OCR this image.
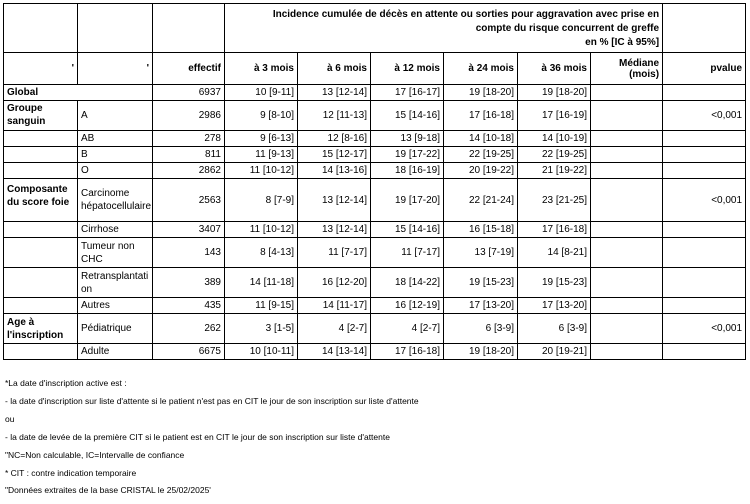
			Incidence cumulée de décès en attente ou sorties pour aggravation avec prise en
compte du risque concurrent de greffe
en % [IC à 95%]						

'	'	effectif	à 3 mois	à 6 mois	à 12 mois	à 24 mois	à 36 mois	Médiane
(mois)	pvalue
Global		6937	10 [9-11]	13 [12-14]	17 [16-17]	19 [18-20]	19 [18-20]		
Groupe sanguin	A	2986	9 [8-10]	12 [11-13]	15 [14-16]	17 [16-18]	17 [16-19]		<0,001
	AB	278	9 [6-13]	12 [8-16]	13 [9-18]	14 [10-18]	14 [10-19]		
	B	811	11 [9-13]	15 [12-17]	19 [17-22]	22 [19-25]	22 [19-25]		
	O	2862	11 [10-12]	14 [13-16]	18 [16-19]	20 [19-22]	21 [19-22]		
Composante du score foie	Carcinome hépatocellulaire	2563	8 [7-9]	13 [12-14]	19 [17-20]	22 [21-24]	23 [21-25]		<0,001
	Cirrhose	3407	11 [10-12]	13 [12-14]	15 [14-16]	16 [15-18]	17 [16-18]		
	Tumeur non CHC	143	8 [4-13]	11 [7-17]	11 [7-17]	13 [7-19]	14 [8-21]		
	Retransplantation	389	14 [11-18]	16 [12-20]	18 [14-22]	19 [15-23]	19 [15-23]		
	Autres	435	11 [9-15]	14 [11-17]	16 [12-19]	17 [13-20]	17 [13-20]		
Age à l'inscription	Pédiatrique	262	3 [1-5]	4 [2-7]	4 [2-7]	6 [3-9]	6 [3-9]		<0,001
	Adulte	6675	10 [10-11]	14 [13-14]	17 [16-18]	19 [18-20]	20 [19-21]		
*La date d'inscription active est :
- la date d'inscription sur liste d'attente si le patient n'est pas en CIT le jour de son inscription sur liste d'attente
ou
- la date de levée de la première CIT si le patient est en CIT le jour de son inscription sur liste d'attente
"NC=Non calculable, IC=Intervalle de confiance
* CIT : contre indication temporaire
"Données extraites de la base CRISTAL le 25/02/2025'
